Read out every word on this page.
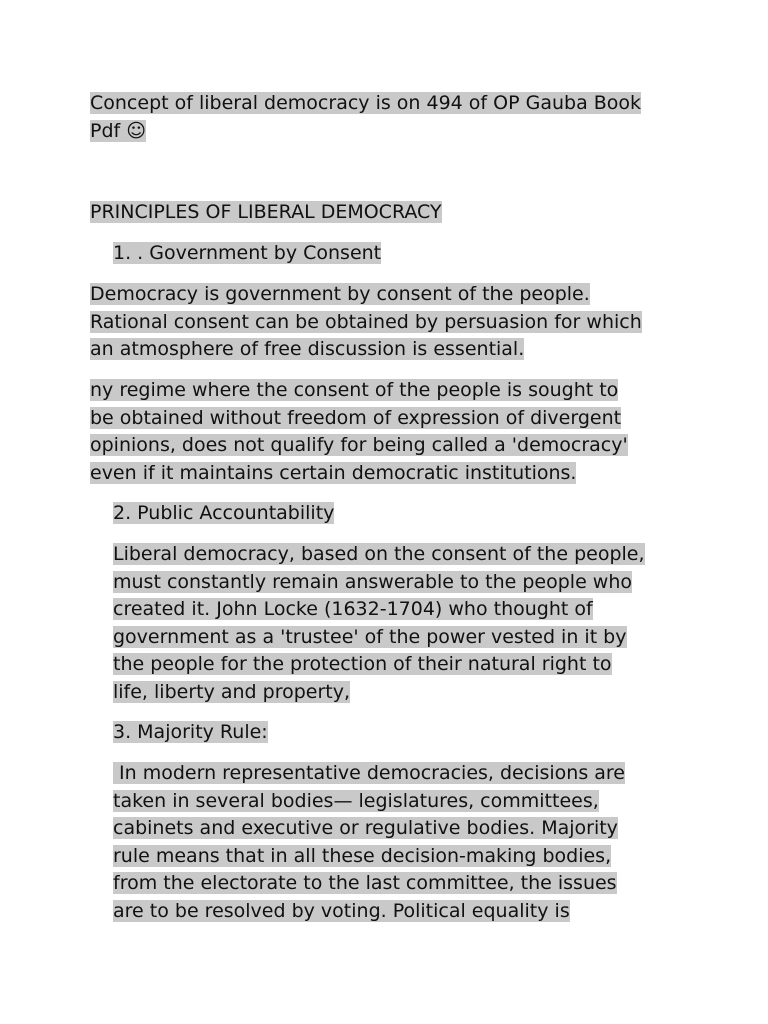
Concept of liberal democracy is on 494 of OP Gauba Book
Pdf ☺

PRINCIPLES OF LIBERAL DEMOCRACY

1. . Government by Consent

Democracy is government by consent of the people.
Rational consent can be obtained by persuasion for which
an atmosphere of free discussion is essential.

ny regime where the consent of the people is sought to
be obtained without freedom of expression of divergent
opinions, does not qualify for being called a 'democracy'
even if it maintains certain democratic institutions.

2. Public Accountability

Liberal democracy, based on the consent of the people,
must constantly remain answerable to the people who
created it. John Locke (1632-1704) who thought of
government as a 'trustee' of the power vested in it by
the people for the protection of their natural right to
life, liberty and property,

3. Majority Rule:

In modern representative democracies, decisions are
taken in several bodies— legislatures, committees,
cabinets and executive or regulative bodies. Majority
rule means that in all these decision-making bodies,
from the electorate to the last committee, the issues
are to be resolved by voting. Political equality is
